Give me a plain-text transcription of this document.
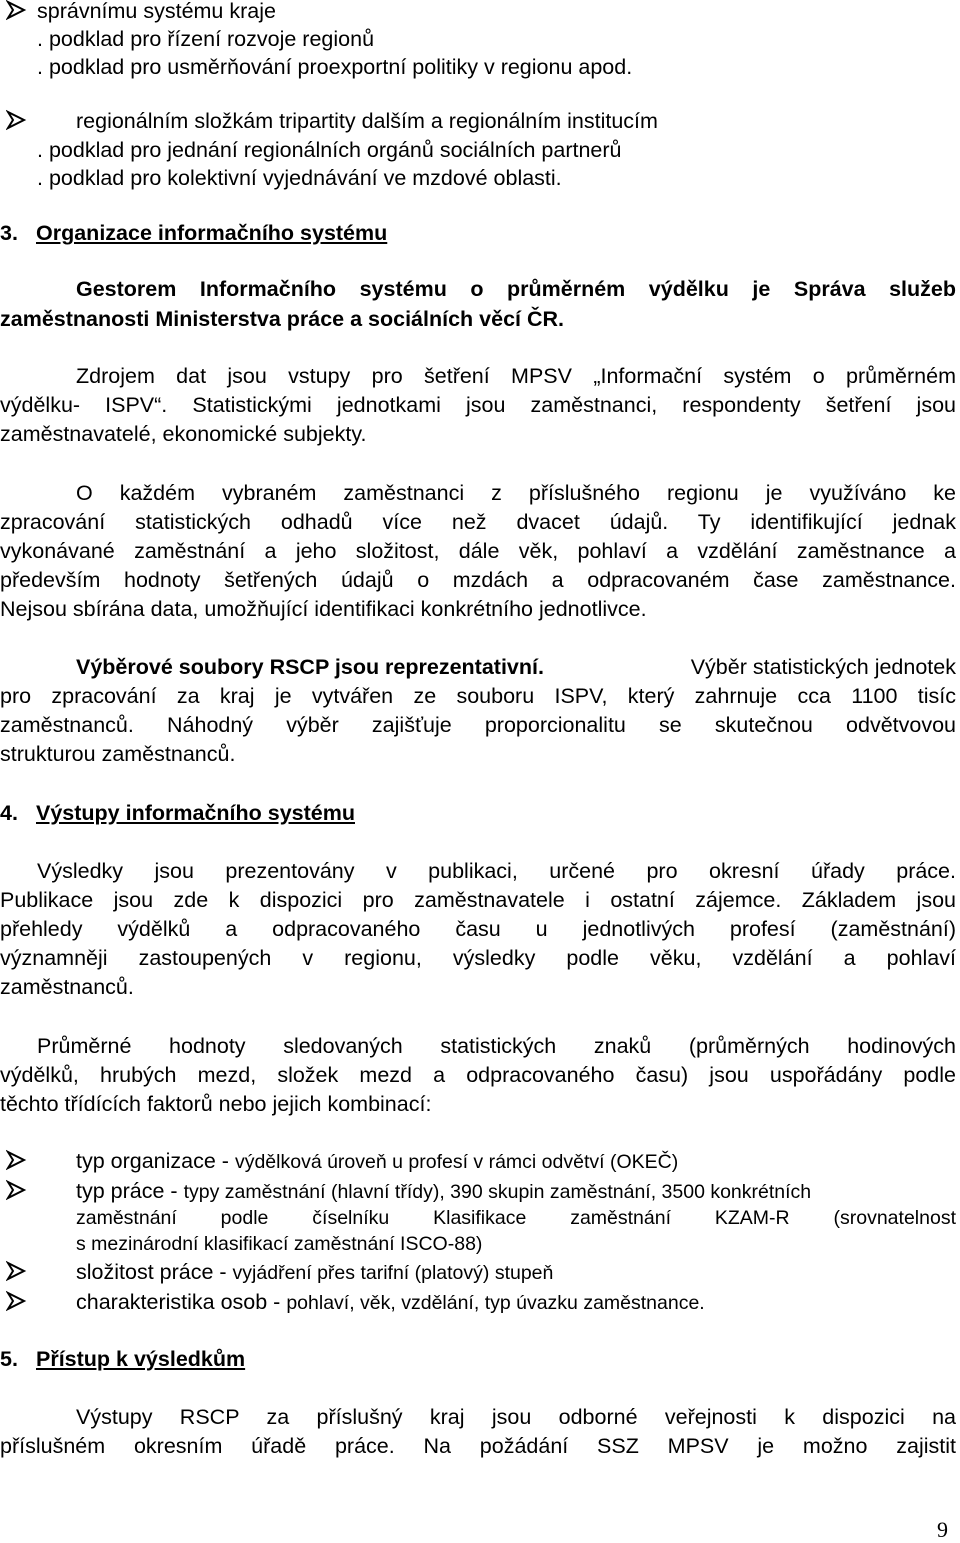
správnímu systému kraje
. podklad pro řízení rozvoje regionů
. podklad pro usměrňování proexportní politiky v regionu apod.
regionálním složkám tripartity dalším a regionálním institucím
. podklad pro jednání regionálních orgánů sociálních partnerů
. podklad pro kolektivní vyjednávání ve mzdové oblasti.
3. Organizace informačního systému
Gestorem Informačního systému o průměrném výdělku je Správa služeb
zaměstnanosti Ministerstva práce a sociálních věcí ČR.
Zdrojem dat jsou vstupy pro šetření MPSV „Informační systém o průměrném
výdělku- ISPV“. Statistickými jednotkami jsou zaměstnanci, respondenty šetření jsou
zaměstnavatelé, ekonomické subjekty.
O každém vybraném zaměstnanci z příslušného regionu je využíváno ke
zpracování statistických odhadů více než dvacet údajů. Ty identifikující jednak
vykonávané zaměstnání a jeho složitost, dále věk, pohlaví a vzdělání zaměstnance a
především hodnoty šetřených údajů o mzdách a odpracovaném čase zaměstnance.
Nejsou sbírána data, umožňující identifikaci konkrétního jednotlivce.
Výběrové soubory RSCP jsou reprezentativní.	Výběr statistických jednotek
pro zpracování za kraj je vytvářen ze souboru ISPV, který zahrnuje cca 1100 tisíc
zaměstnanců. Náhodný výběr zajišťuje proporcionalitu se skutečnou odvětvovou
strukturou zaměstnanců.
4. Výstupy informačního systému
Výsledky jsou prezentovány v publikaci, určené pro okresní úřady práce.
Publikace jsou zde k dispozici pro zaměstnavatele i ostatní zájemce. Základem jsou
přehledy výdělků a odpracovaného času u jednotlivých profesí (zaměstnání)
významněji zastoupených v regionu, výsledky podle věku, vzdělání a pohlaví
zaměstnanců.
Průměrné hodnoty sledovaných statistických znaků (průměrných hodinových
výdělků, hrubých mezd, složek mezd a odpracovaného času) jsou uspořádány podle
těchto třídících faktorů nebo jejich kombinací:
typ organizace - výdělková úroveň u profesí v rámci odvětví (OKEČ)
typ práce - typy zaměstnání (hlavní třídy), 390 skupin zaměstnání, 3500 konkrétních
zaměstnání podle číselníku Klasifikace zaměstnání KZAM-R (srovnatelnost
s mezinárodní klasifikací zaměstnání ISCO-88)
složitost práce - vyjádření přes tarifní (platový) stupeň
charakteristika osob - pohlaví, věk, vzdělání, typ úvazku zaměstnance.
5. Přístup k výsledkům
Výstupy RSCP za příslušný kraj jsou odborné veřejnosti k dispozici na
příslušném okresním úřadě práce. Na požádání SSZ MPSV je možno zajistit
9
